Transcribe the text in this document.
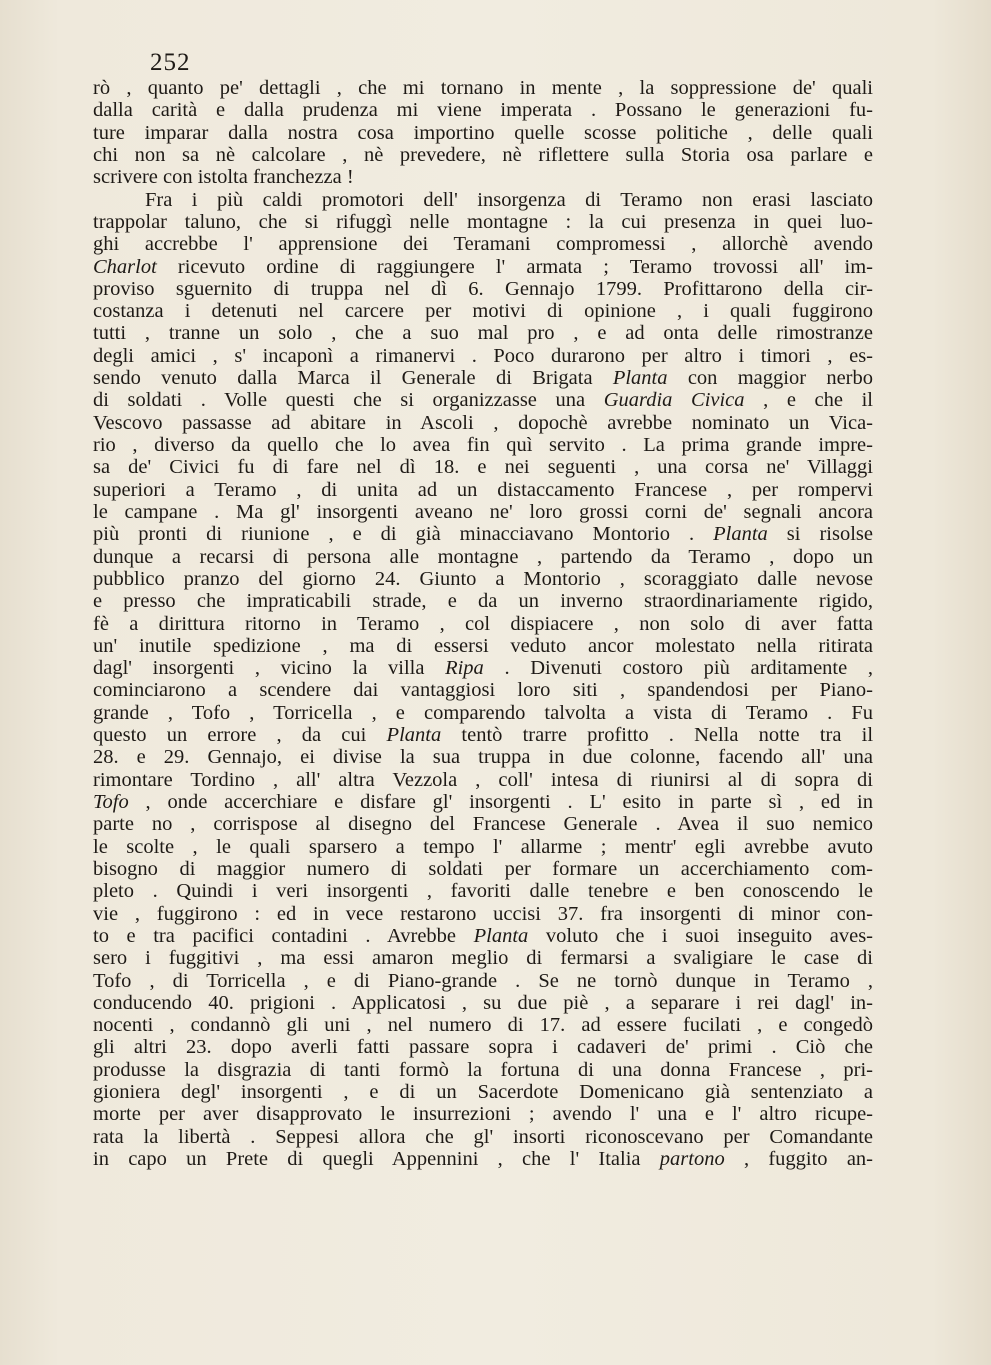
252
rò , quanto pe' dettagli , che mi tornano in mente , la soppressione de' quali
dalla carità e dalla prudenza mi viene imperata . Possano le generazioni fu-
ture imparar dalla nostra cosa importino quelle scosse politiche , delle quali
chi non sa nè calcolare , nè prevedere, nè riflettere sulla Storia osa parlare e
scrivere con istolta franchezza !
Fra i più caldi promotori dell' insorgenza di Teramo non erasi lasciato
trappolar taluno, che si rifuggì nelle montagne : la cui presenza in quei luo-
ghi accrebbe l' apprensione dei Teramani compromessi , allorchè avendo
Charlot ricevuto ordine di raggiungere l' armata ; Teramo trovossi all' im-
proviso sguernito di truppa nel dì 6. Gennajo 1799. Profittarono della cir-
costanza i detenuti nel carcere per motivi di opinione , i quali fuggirono
tutti , tranne un solo , che a suo mal pro , e ad onta delle rimostranze
degli amici , s' incaponì a rimanervi . Poco durarono per altro i timori , es-
sendo venuto dalla Marca il Generale di Brigata Planta con maggior nerbo
di soldati . Volle questi che si organizzasse una Guardia Civica , e che il
Vescovo passasse ad abitare in Ascoli , dopochè avrebbe nominato un Vica-
rio , diverso da quello che lo avea fin quì servito . La prima grande impre-
sa de' Civici fu di fare nel dì 18. e nei seguenti , una corsa ne' Villaggi
superiori a Teramo , di unita ad un distaccamento Francese , per rompervi
le campane . Ma gl' insorgenti aveano ne' loro grossi corni de' segnali ancora
più pronti di riunione , e di già minacciavano Montorio . Planta si risolse
dunque a recarsi di persona alle montagne , partendo da Teramo , dopo un
pubblico pranzo del giorno 24. Giunto a Montorio , scoraggiato dalle nevose
e presso che impraticabili strade, e da un inverno straordinariamente rigido,
fè a dirittura ritorno in Teramo , col dispiacere , non solo di aver fatta
un' inutile spedizione , ma di essersi veduto ancor molestato nella ritirata
dagl' insorgenti , vicino la villa Ripa . Divenuti costoro più arditamente ,
cominciarono a scendere dai vantaggiosi loro siti , spandendosi per Piano-
grande , Tofo , Torricella , e comparendo talvolta a vista di Teramo . Fu
questo un errore , da cui Planta tentò trarre profitto . Nella notte tra il
28. e 29. Gennajo, ei divise la sua truppa in due colonne, facendo all' una
rimontare Tordino , all' altra Vezzola , coll' intesa di riunirsi al di sopra di
Tofo , onde accerchiare e disfare gl' insorgenti . L' esito in parte sì , ed in
parte no , corrispose al disegno del Francese Generale . Avea il suo nemico
le scolte , le quali sparsero a tempo l' allarme ; mentr' egli avrebbe avuto
bisogno di maggior numero di soldati per formare un accerchiamento com-
pleto . Quindi i veri insorgenti , favoriti dalle tenebre e ben conoscendo le
vie , fuggirono : ed in vece restarono uccisi 37. fra insorgenti di minor con-
to e tra pacifici contadini . Avrebbe Planta voluto che i suoi inseguito aves-
sero i fuggitivi , ma essi amaron meglio di fermarsi a svaligiare le case di
Tofo , di Torricella , e di Piano-grande . Se ne tornò dunque in Teramo ,
conducendo 40. prigioni . Applicatosi , su due piè , a separare i rei dagl' in-
nocenti , condannò gli uni , nel numero di 17. ad essere fucilati , e congedò
gli altri 23. dopo averli fatti passare sopra i cadaveri de' primi . Ciò che
produsse la disgrazia di tanti formò la fortuna di una donna Francese , pri-
gioniera degl' insorgenti , e di un Sacerdote Domenicano già sentenziato a
morte per aver disapprovato le insurrezioni ; avendo l' una e l' altro ricupe-
rata la libertà . Seppesi allora che gl' insorti riconoscevano per Comandante
in capo un Prete di quegli Appennini , che l' Italia partono , fuggito an-
